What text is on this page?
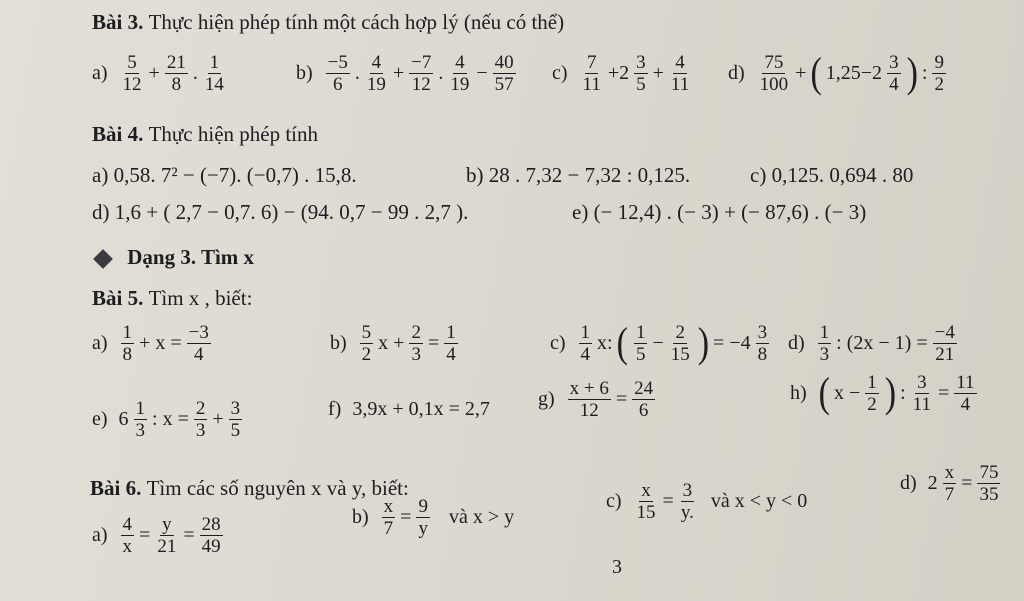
Bài 3. Thực hiện phép tính một cách hợp lý (nếu có thể)
a) 5
12
+ $\frac{21}{8}$ . 1
14
b) −5
6
. 4
19
+ $\frac{-7}{12}$ . 4
19
− $\frac{40}{57} c$) 7
11
+2 3
5
+ $\frac{4}{11} d$) 75
100
+ ( 1,25−2 3
4 ) : 9
2
Bài 4. Thực hiện phép tính
a) 0,58. 7² − (−7). (−0,7) . 15,8.	b) 28 . 7,32 − 7,32 : 0,125.	c) 0,125. 0,694 . 80
d) 1,6 + ( 2,7 − 0,7. 6) − (94. 0,7 − 99 . 2,7 ).	e) (− 12,4) . (− 3) + (− 87,6) . (− 3)
Dạng 3. Tìm x
Bài 5. Tìm x , biết:
a) 1
8
+ $x = \frac{-3}{4}$	b) 5
2
$x + \frac{2}{3} = \frac{1}{4}$	c) 1
4
x: ( 1
5
− $\frac{2}{15}$ ) = −4 3
8
d) 1
3
: $(2x - 1) = \frac{-4}{21}$
e) 6 1
3
: $x = \frac{2}{3} + \frac{3}{5}$	f) 3,9x + 0,1x = 2,7 $g) \frac{x + 6}{12} = \frac{24}{6}$	h) ( $x - \frac{1}{2}$ ) : $\frac{3}{11} = \frac{11}{4}$
Bài 6. Tìm các số nguyên x và y, biết:
$a) \frac{4}{x} = \frac{y}{21} = \frac{28}{49}$	$b) \frac{x}{7} = \frac{9}{y}$ và x > y
$c) \frac{x}{15} = \frac{3}{y.}$ và x < y < 0
d) $2 \frac{x}{7} = \frac{75}{35}$
3
